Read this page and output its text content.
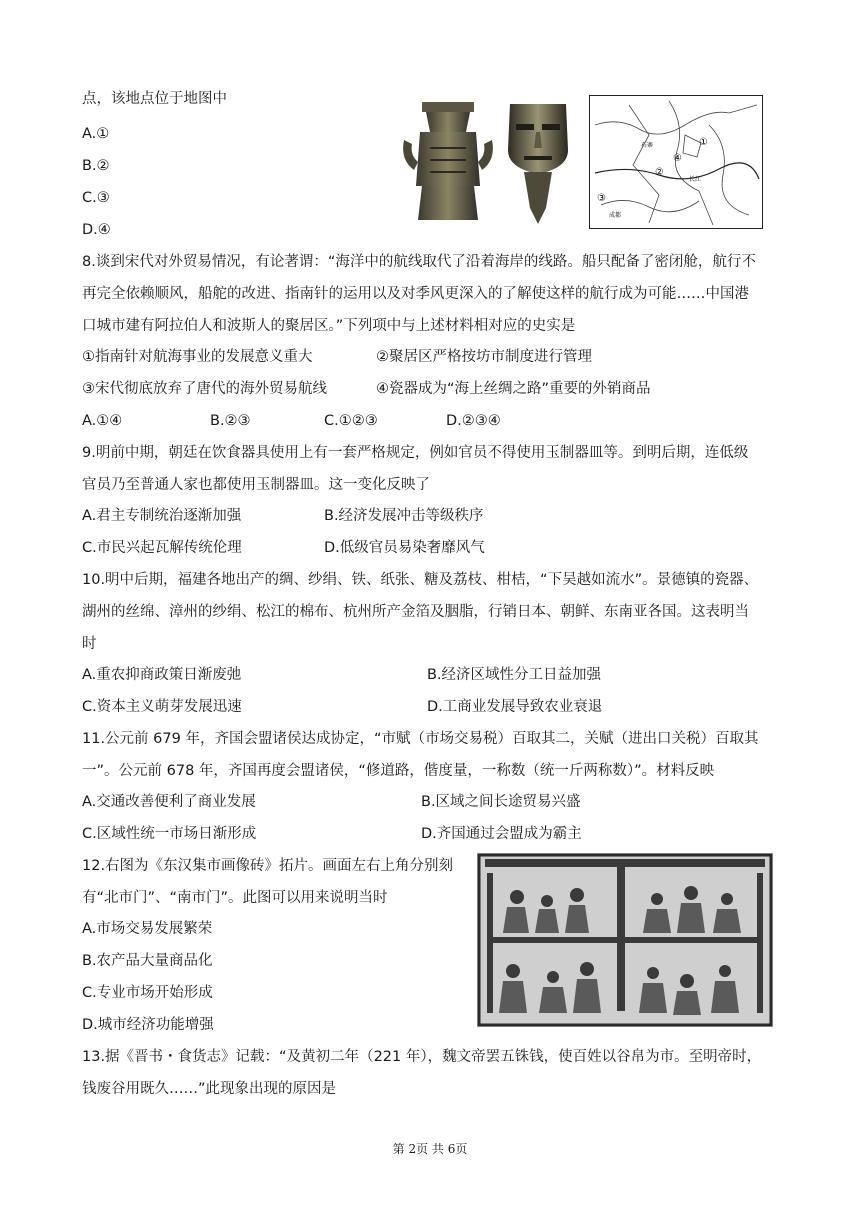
点，该地点位于地图中
A.①
B.②
C.③
D.④
①
②
③
④
石寨
长江
成都
8.谈到宋代对外贸易情况，有论著谓：“海洋中的航线取代了沿着海岸的线路。船只配备了密闭舱，航行不
再完全依赖顺风，船舵的改进、指南针的运用以及对季风更深入的了解使这样的航行成为可能……中国港
口城市建有阿拉伯人和波斯人的聚居区。”下列项中与上述材料相对应的史实是
①指南针对航海事业的发展意义重大	②聚居区严格按坊市制度进行管理
③宋代彻底放弃了唐代的海外贸易航线	④瓷器成为“海上丝绸之路”重要的外销商品
A.①④	B.②③	C.①②③	D.②③④
9.明前中期，朝廷在饮食器具使用上有一套严格规定，例如官员不得使用玉制器皿等。到明后期，连低级
官员乃至普通人家也都使用玉制器皿。这一变化反映了
A.君主专制统治逐渐加强	B.经济发展冲击等级秩序
C.市民兴起瓦解传统伦理	D.低级官员易染奢靡风气
10.明中后期，福建各地出产的绸、纱绢、铁、纸张、糖及荔枝、柑桔，“下吴越如流水”。景德镇的瓷器、
湖州的丝绵、漳州的纱绢、松江的棉布、杭州所产金箔及胭脂，行销日本、朝鲜、东南亚各国。这表明当
时
A.重农抑商政策日渐废弛	B.经济区域性分工日益加强
C.资本主义萌芽发展迅速	D.工商业发展导致农业衰退
11.公元前 679 年，齐国会盟诸侯达成协定，“市赋（市场交易税）百取其二，关赋（进出口关税）百取其
一”。公元前 678 年，齐国再度会盟诸侯，“修道路，偕度量，一称数（统一斤两称数）”。材料反映
A.交通改善便利了商业发展	B.区域之间长途贸易兴盛
C.区域性统一市场日渐形成	D.齐国通过会盟成为霸主
12.右图为《东汉集市画像砖》拓片。画面左右上角分别刻
有“北市门”、“南市门”。此图可以用来说明当时
A.市场交易发展繁荣
B.农产品大量商品化
C.专业市场开始形成
D.城市经济功能增强
13.据《晋书・食货志》记载：“及黄初二年（221 年），魏文帝罢五铢钱，使百姓以谷帛为市。至明帝时，
钱废谷用既久……”此现象出现的原因是
第 2页 共 6页
